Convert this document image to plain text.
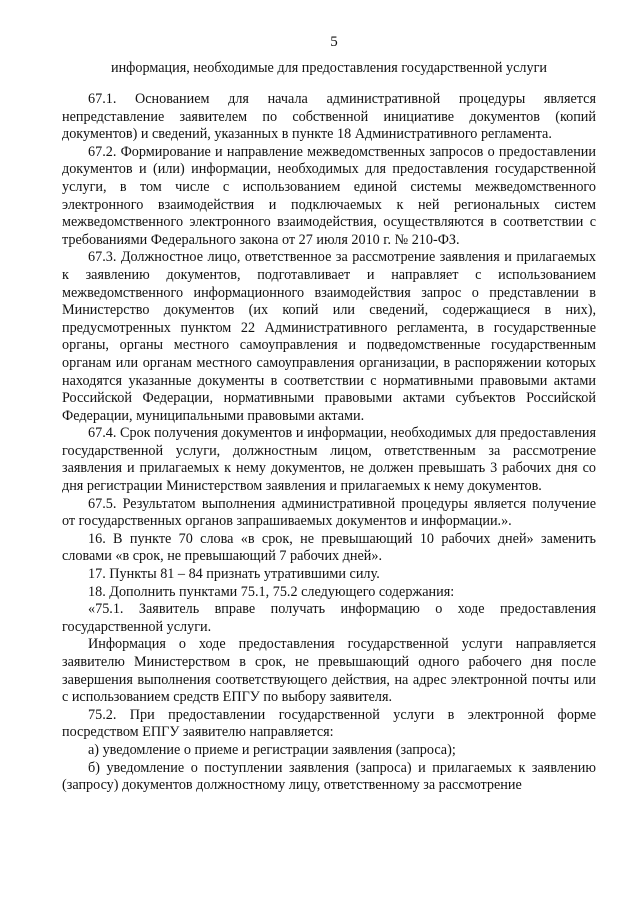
5
информация, необходимые для предоставления государственной услуги

67.1. Основанием для начала административной процедуры является непредставление заявителем по собственной инициативе документов (копий документов) и сведений, указанных в пункте 18 Административного регламента.

67.2. Формирование и направление межведомственных запросов о предоставлении документов и (или) информации, необходимых для предоставления государственной услуги, в том числе с использованием единой системы межведомственного электронного взаимодействия и подключаемых к ней региональных систем межведомственного электронного взаимодействия, осуществляются в соответствии с требованиями Федерального закона от 27 июля 2010 г. № 210-ФЗ.

67.3. Должностное лицо, ответственное за рассмотрение заявления и прилагаемых к заявлению документов, подготавливает и направляет с использованием межведомственного информационного взаимодействия запрос о представлении в Министерство документов (их копий или сведений, содержащиеся в них), предусмотренных пунктом 22 Административного регламента, в государственные органы, органы местного самоуправления и подведомственные государственным органам или органам местного самоуправления организации, в распоряжении которых находятся указанные документы в соответствии с нормативными правовыми актами Российской Федерации, нормативными правовыми актами субъектов Российской Федерации, муниципальными правовыми актами.

67.4. Срок получения документов и информации, необходимых для предоставления государственной услуги, должностным лицом, ответственным за рассмотрение заявления и прилагаемых к нему документов, не должен превышать 3 рабочих дня со дня регистрации Министерством заявления и прилагаемых к нему документов.

67.5. Результатом выполнения административной процедуры является получение от государственных органов запрашиваемых документов и информации.».

16. В пункте 70 слова «в срок, не превышающий 10 рабочих дней» заменить словами «в срок, не превышающий 7 рабочих дней».

17. Пункты 81 – 84 признать утратившими силу.

18. Дополнить пунктами 75.1, 75.2 следующего содержания:

«75.1. Заявитель вправе получать информацию о ходе предоставления государственной услуги.

Информация о ходе предоставления государственной услуги направляется заявителю Министерством в срок, не превышающий одного рабочего дня после завершения выполнения соответствующего действия, на адрес электронной почты или с использованием средств ЕПГУ по выбору заявителя.

75.2. При предоставлении государственной услуги в электронной форме посредством ЕПГУ заявителю направляется:

а) уведомление о приеме и регистрации заявления (запроса);

б) уведомление о поступлении заявления (запроса) и прилагаемых к заявлению (запросу) документов должностному лицу, ответственному за рассмотрение
